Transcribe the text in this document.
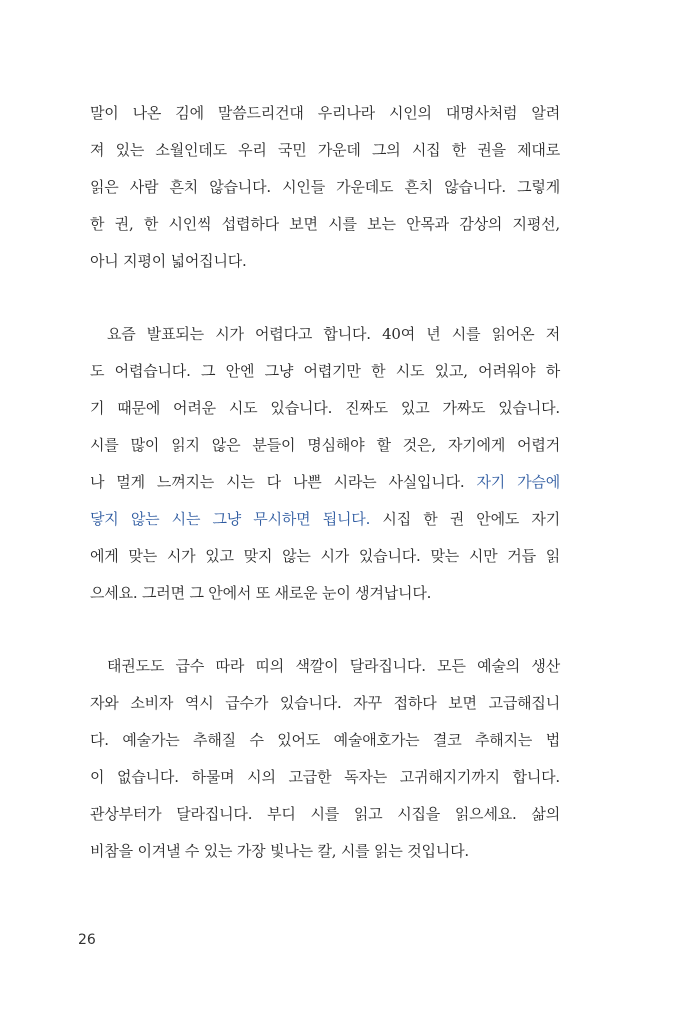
말이 나온 김에 말씀드리건대 우리나라 시인의 대명사처럼 알려
져 있는 소월인데도 우리 국민 가운데 그의 시집 한 권을 제대로
읽은 사람 흔치 않습니다. 시인들 가운데도 흔치 않습니다. 그렇게
한 권, 한 시인씩 섭렵하다 보면 시를 보는 안목과 감상의 지평선,
아니 지평이 넓어집니다.
요즘 발표되는 시가 어렵다고 합니다. 40여 년 시를 읽어온 저
도 어렵습니다. 그 안엔 그냥 어렵기만 한 시도 있고, 어려워야 하
기 때문에 어려운 시도 있습니다. 진짜도 있고 가짜도 있습니다.
시를 많이 읽지 않은 분들이 명심해야 할 것은, 자기에게 어렵거
나 멀게 느껴지는 시는 다 나쁜 시라는 사실입니다. 자기 가슴에
닿지 않는 시는 그냥 무시하면 됩니다. 시집 한 권 안에도 자기
에게 맞는 시가 있고 맞지 않는 시가 있습니다. 맞는 시만 거듭 읽
으세요. 그러면 그 안에서 또 새로운 눈이 생겨납니다.
태권도도 급수 따라 띠의 색깔이 달라집니다. 모든 예술의 생산
자와 소비자 역시 급수가 있습니다. 자꾸 접하다 보면 고급해집니
다. 예술가는 추해질 수 있어도 예술애호가는 결코 추해지는 법
이 없습니다. 하물며 시의 고급한 독자는 고귀해지기까지 합니다.
관상부터가 달라집니다. 부디 시를 읽고 시집을 읽으세요. 삶의
비참을 이겨낼 수 있는 가장 빛나는 칼, 시를 읽는 것입니다.
26
